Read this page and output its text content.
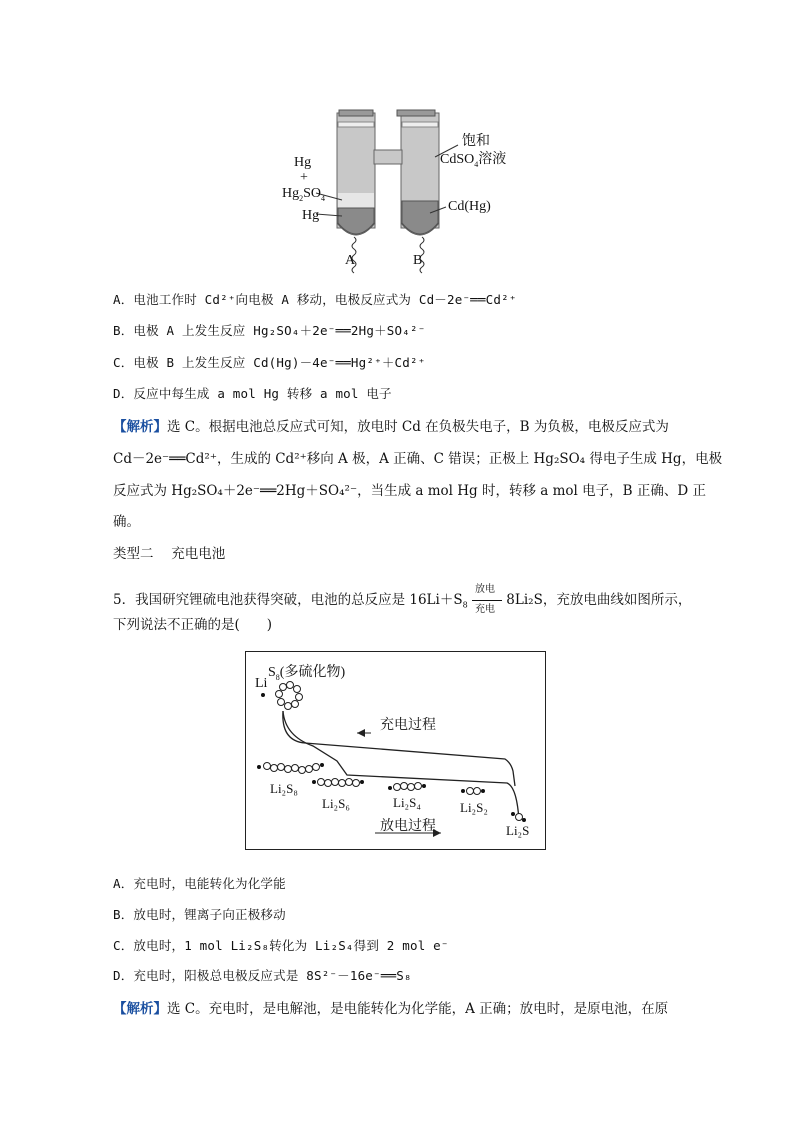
Hg
+
$Hg_2SO_4$
Hg
饱和
CdSO$_4$溶液
Cd(Hg)
A	B
A．电池工作时 Cd²⁺向电极 A 移动，电极反应式为 Cd－2e⁻══Cd²⁺
B．电极 A 上发生反应 Hg₂SO₄＋2e⁻══2Hg＋SO₄²⁻
C．电极 B 上发生反应 Cd(Hg)－4e⁻══Hg²⁺＋Cd²⁺
D．反应中每生成 a mol Hg 转移 a mol 电子
【解析】选 C。根据电池总反应式可知，放电时 Cd 在负极失电子，B 为负极，电极反应式为
Cd－2e⁻══Cd²⁺，生成的 Cd²⁺移向 A 极，A 正确、C 错误；正极上 Hg₂SO₄ 得电子生成 Hg，电极
反应式为 Hg₂SO₄＋2e⁻══2Hg＋SO₄²⁻，当生成 a mol Hg 时，转移 a mol 电子，B 正确、D 正
确。
类型二　 充电电池
5．我国研究锂硫电池获得突破，电池的总反应是 $16Li+S_8$
放电
充电
8Li₂S，充放电曲线如图所示，
下列说法不正确的是(　　)
$S_8$(多硫化物)
Li
充电过程
放电过程
Li₂S₈
Li₂S₆	Li₂S₄	Li₂S₂
Li₂S
A．充电时，电能转化为化学能
B．放电时，锂离子向正极移动
C．放电时，1 mol Li₂S₈转化为 Li₂S₄得到 2 mol e⁻
D．充电时，阳极总电极反应式是 8S²⁻－16e⁻══S₈
【解析】选 C。充电时，是电解池，是电能转化为化学能，A 正确；放电时，是原电池，在原
